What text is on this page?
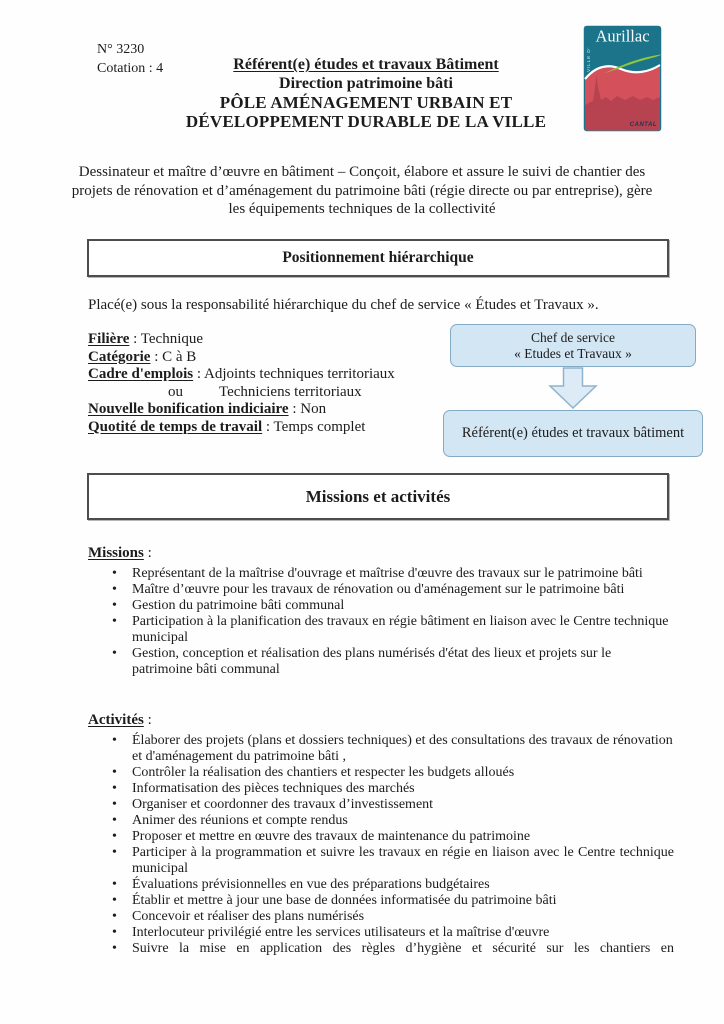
N° 3230
Cotation : 4	Référent(e) études et travaux Bâtiment
Direction patrimoine bâti
PÔLE AMÉNAGEMENT URBAIN ET
DÉVELOPPEMENT DURABLE DE LA VILLE
Aurillac
VILLE D'
CANTAL
Dessinateur et maître d’œuvre en bâtiment – Conçoit, élabore et assure le suivi de chantier des projets de rénovation et d’aménagement du patrimoine bâti (régie directe ou par entreprise), gère les équipements techniques de la collectivité
Positionnement hiérarchique
Placé(e) sous la responsabilité hiérarchique du chef de service « Études et Travaux ».
Filière : Technique
Catégorie : C à B
Cadre d'emplois : Adjoints techniques territoriaux
ou Techniciens territoriaux
Nouvelle bonification indiciaire : Non
Quotité de temps de travail : Temps complet
Chef de service
« Etudes et Travaux »
Référent(e) études et travaux bâtiment
Missions et activités
Missions :
• Représentant de la maîtrise d'ouvrage et maîtrise d'œuvre des travaux sur le patrimoine bâti
• Maître d’œuvre pour les travaux de rénovation ou d'aménagement sur le patrimoine bâti
• Gestion du patrimoine bâti communal
• Participation à la planification des travaux en régie bâtiment en liaison avec le Centre technique municipal
• Gestion, conception et réalisation des plans numérisés d'état des lieux et projets sur le patrimoine bâti communal
Activités :
• Élaborer des projets (plans et dossiers techniques) et des consultations des travaux de rénovation et d'aménagement du patrimoine bâti ,
• Contrôler la réalisation des chantiers et respecter les budgets alloués
• Informatisation des pièces techniques des marchés
• Organiser et coordonner des travaux d’investissement
• Animer des réunions et compte rendus
• Proposer et mettre en œuvre des travaux de maintenance du patrimoine
• Participer à la programmation et suivre les travaux en régie en liaison avec le Centre technique municipal
• Évaluations prévisionnelles en vue des préparations budgétaires
• Établir et mettre à jour une base de données informatisée du patrimoine bâti
• Concevoir et réaliser des plans numérisés
• Interlocuteur privilégié entre les services utilisateurs et la maîtrise d'œuvre
• Suivre la mise en application des règles d’hygiène et sécurité sur les chantiers en
